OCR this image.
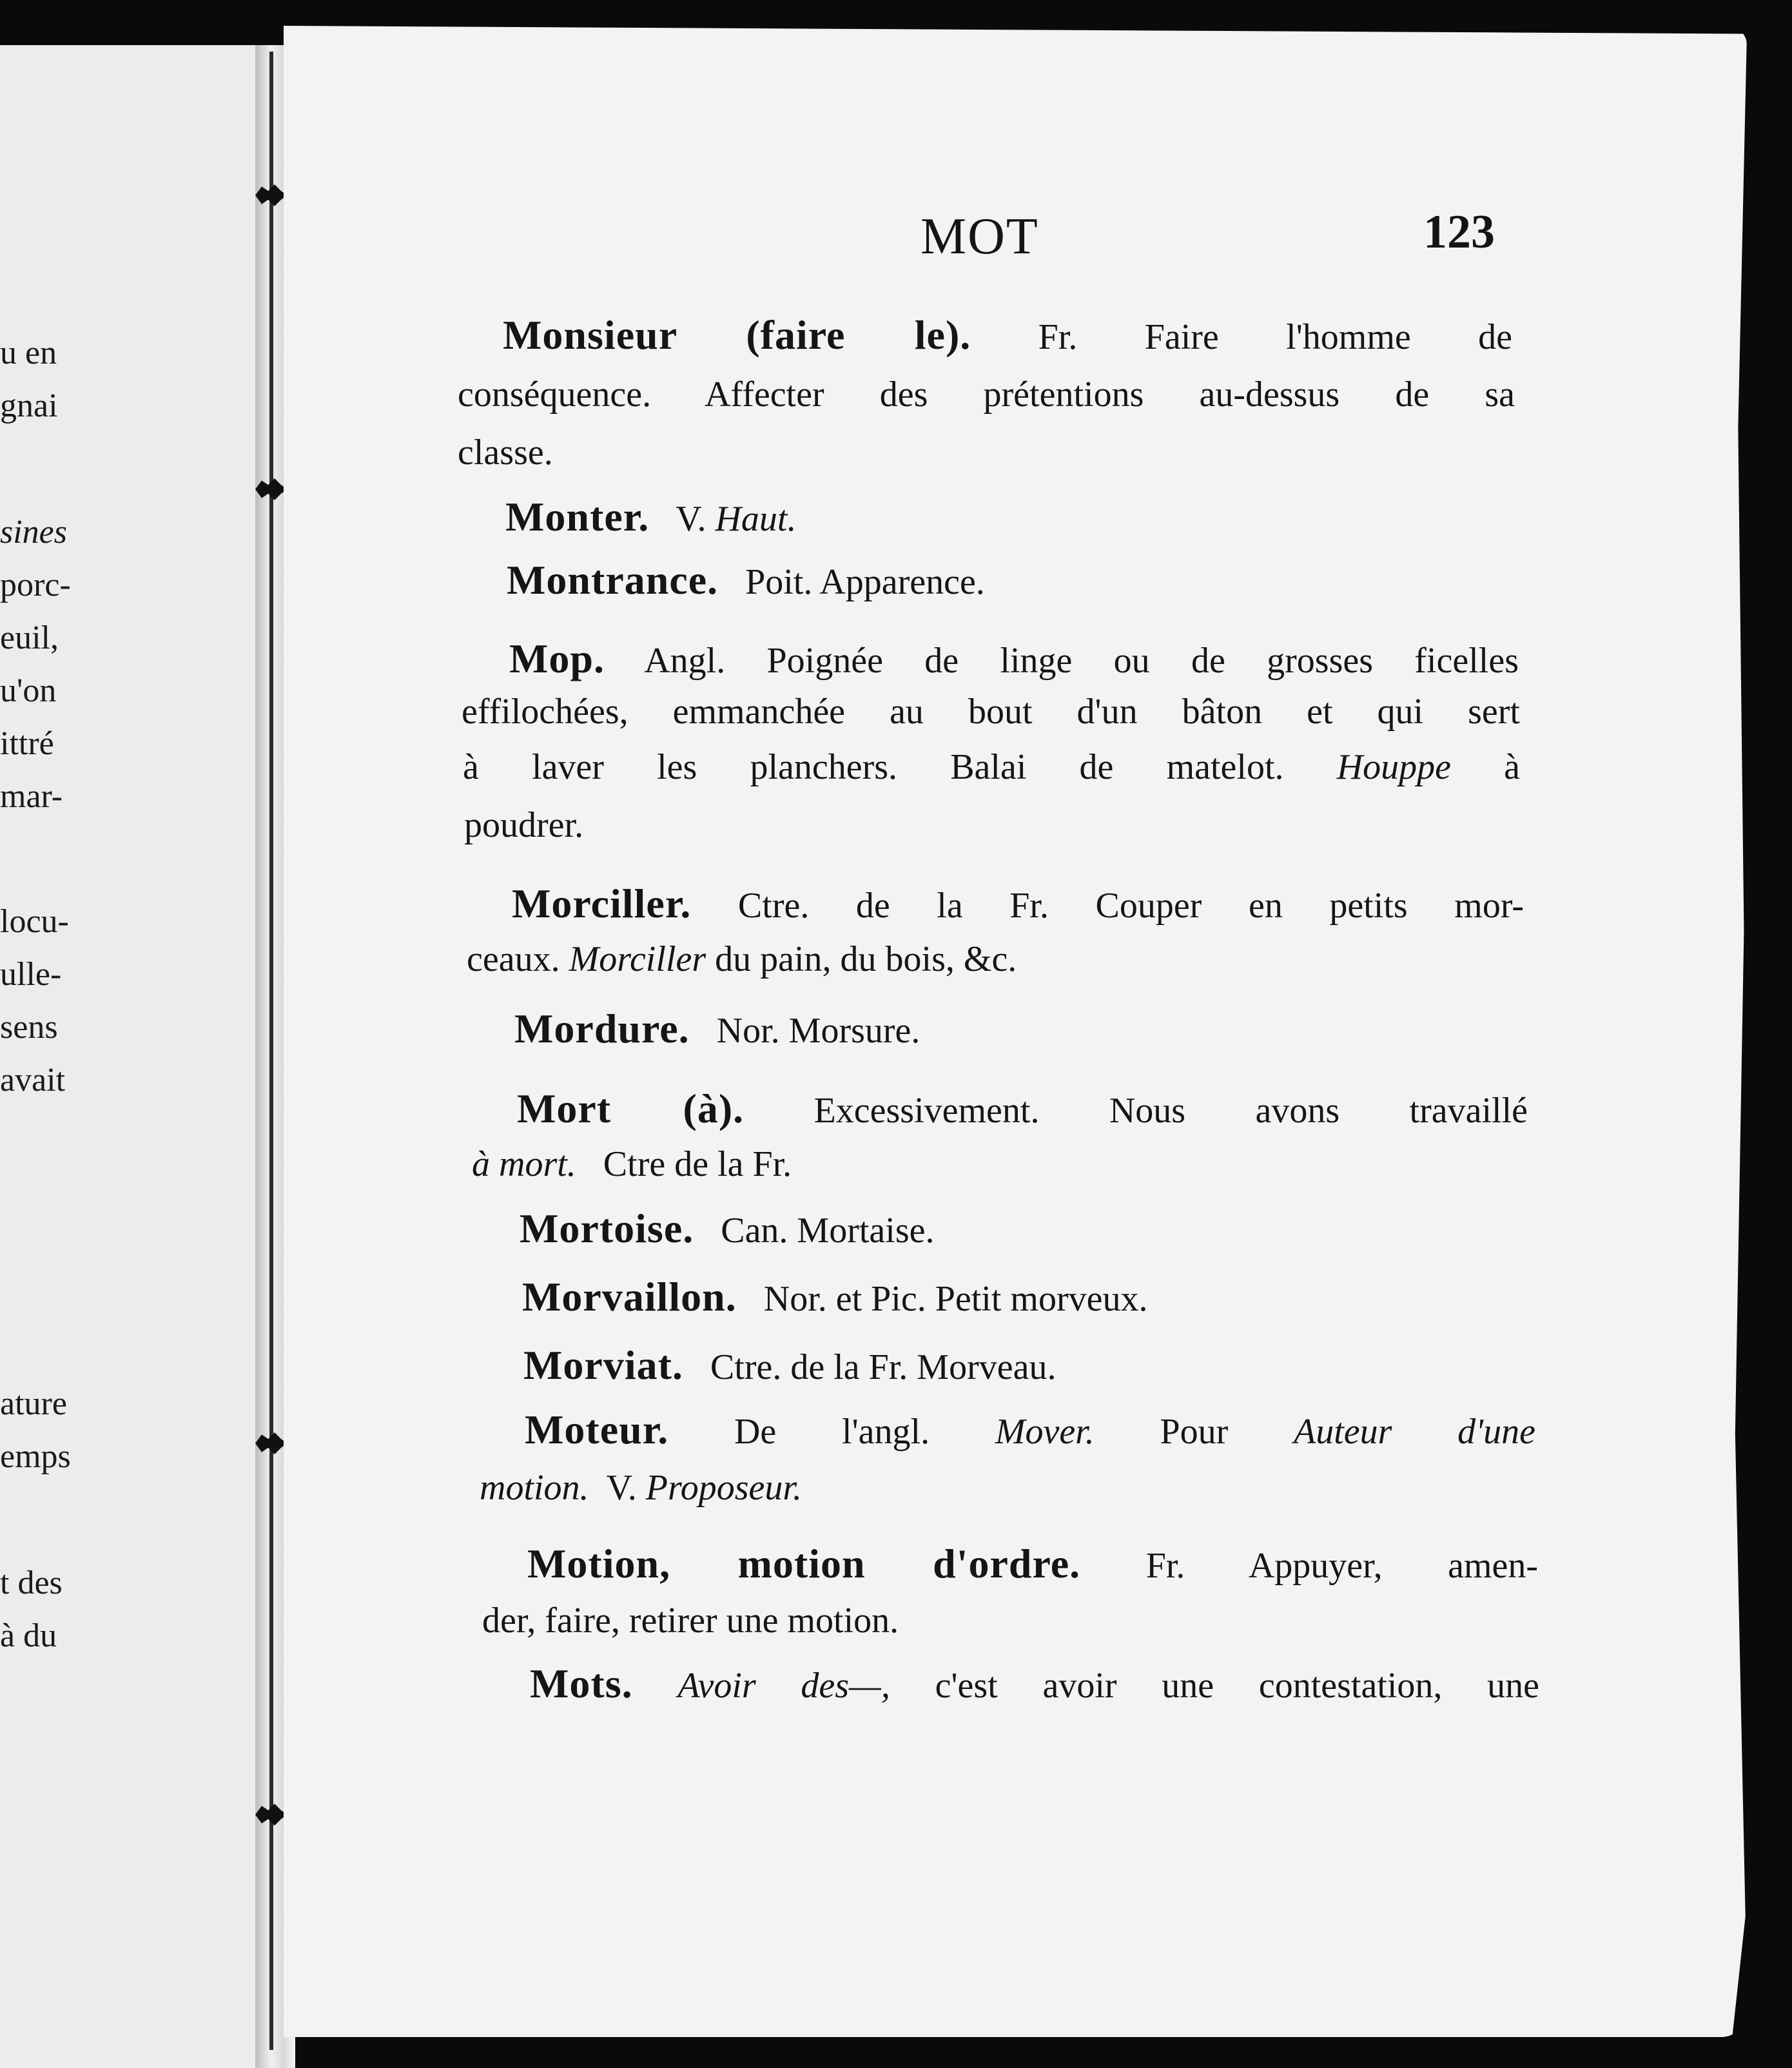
u en
gnai
sines
porc-
euil,
u'on
ittré
mar-
locu-
ulle-
sens
avait
ature
emps
t des
à du
MOT	123
Monsieur (faire le). Fr. Faire l'homme de
conséquence. Affecter des prétentions au-dessus de sa
classe.
Monter. V. Haut.
Montrance. Poit. Apparence.
Mop. Angl. Poignée de linge ou de grosses ficelles
effilochées, emmanchée au bout d'un bâton et qui sert
à laver les planchers. Balai de matelot. Houppe à
poudrer.
Morciller. Ctre. de la Fr. Couper en petits mor-
ceaux. Morciller du pain, du bois, &c.
Mordure. Nor. Morsure.
Mort (à). Excessivement. Nous avons travaillé
à mort. Ctre de la Fr.
Mortoise. Can. Mortaise.
Morvaillon. Nor. et Pic. Petit morveux.
Morviat. Ctre. de la Fr. Morveau.
Moteur. De l'angl. Mover. Pour Auteur d'une
motion. V. Proposeur.
Motion, motion d'ordre. Fr. Appuyer, amen-
der, faire, retirer une motion.
Mots. Avoir des—, c'est avoir une contestation, une
